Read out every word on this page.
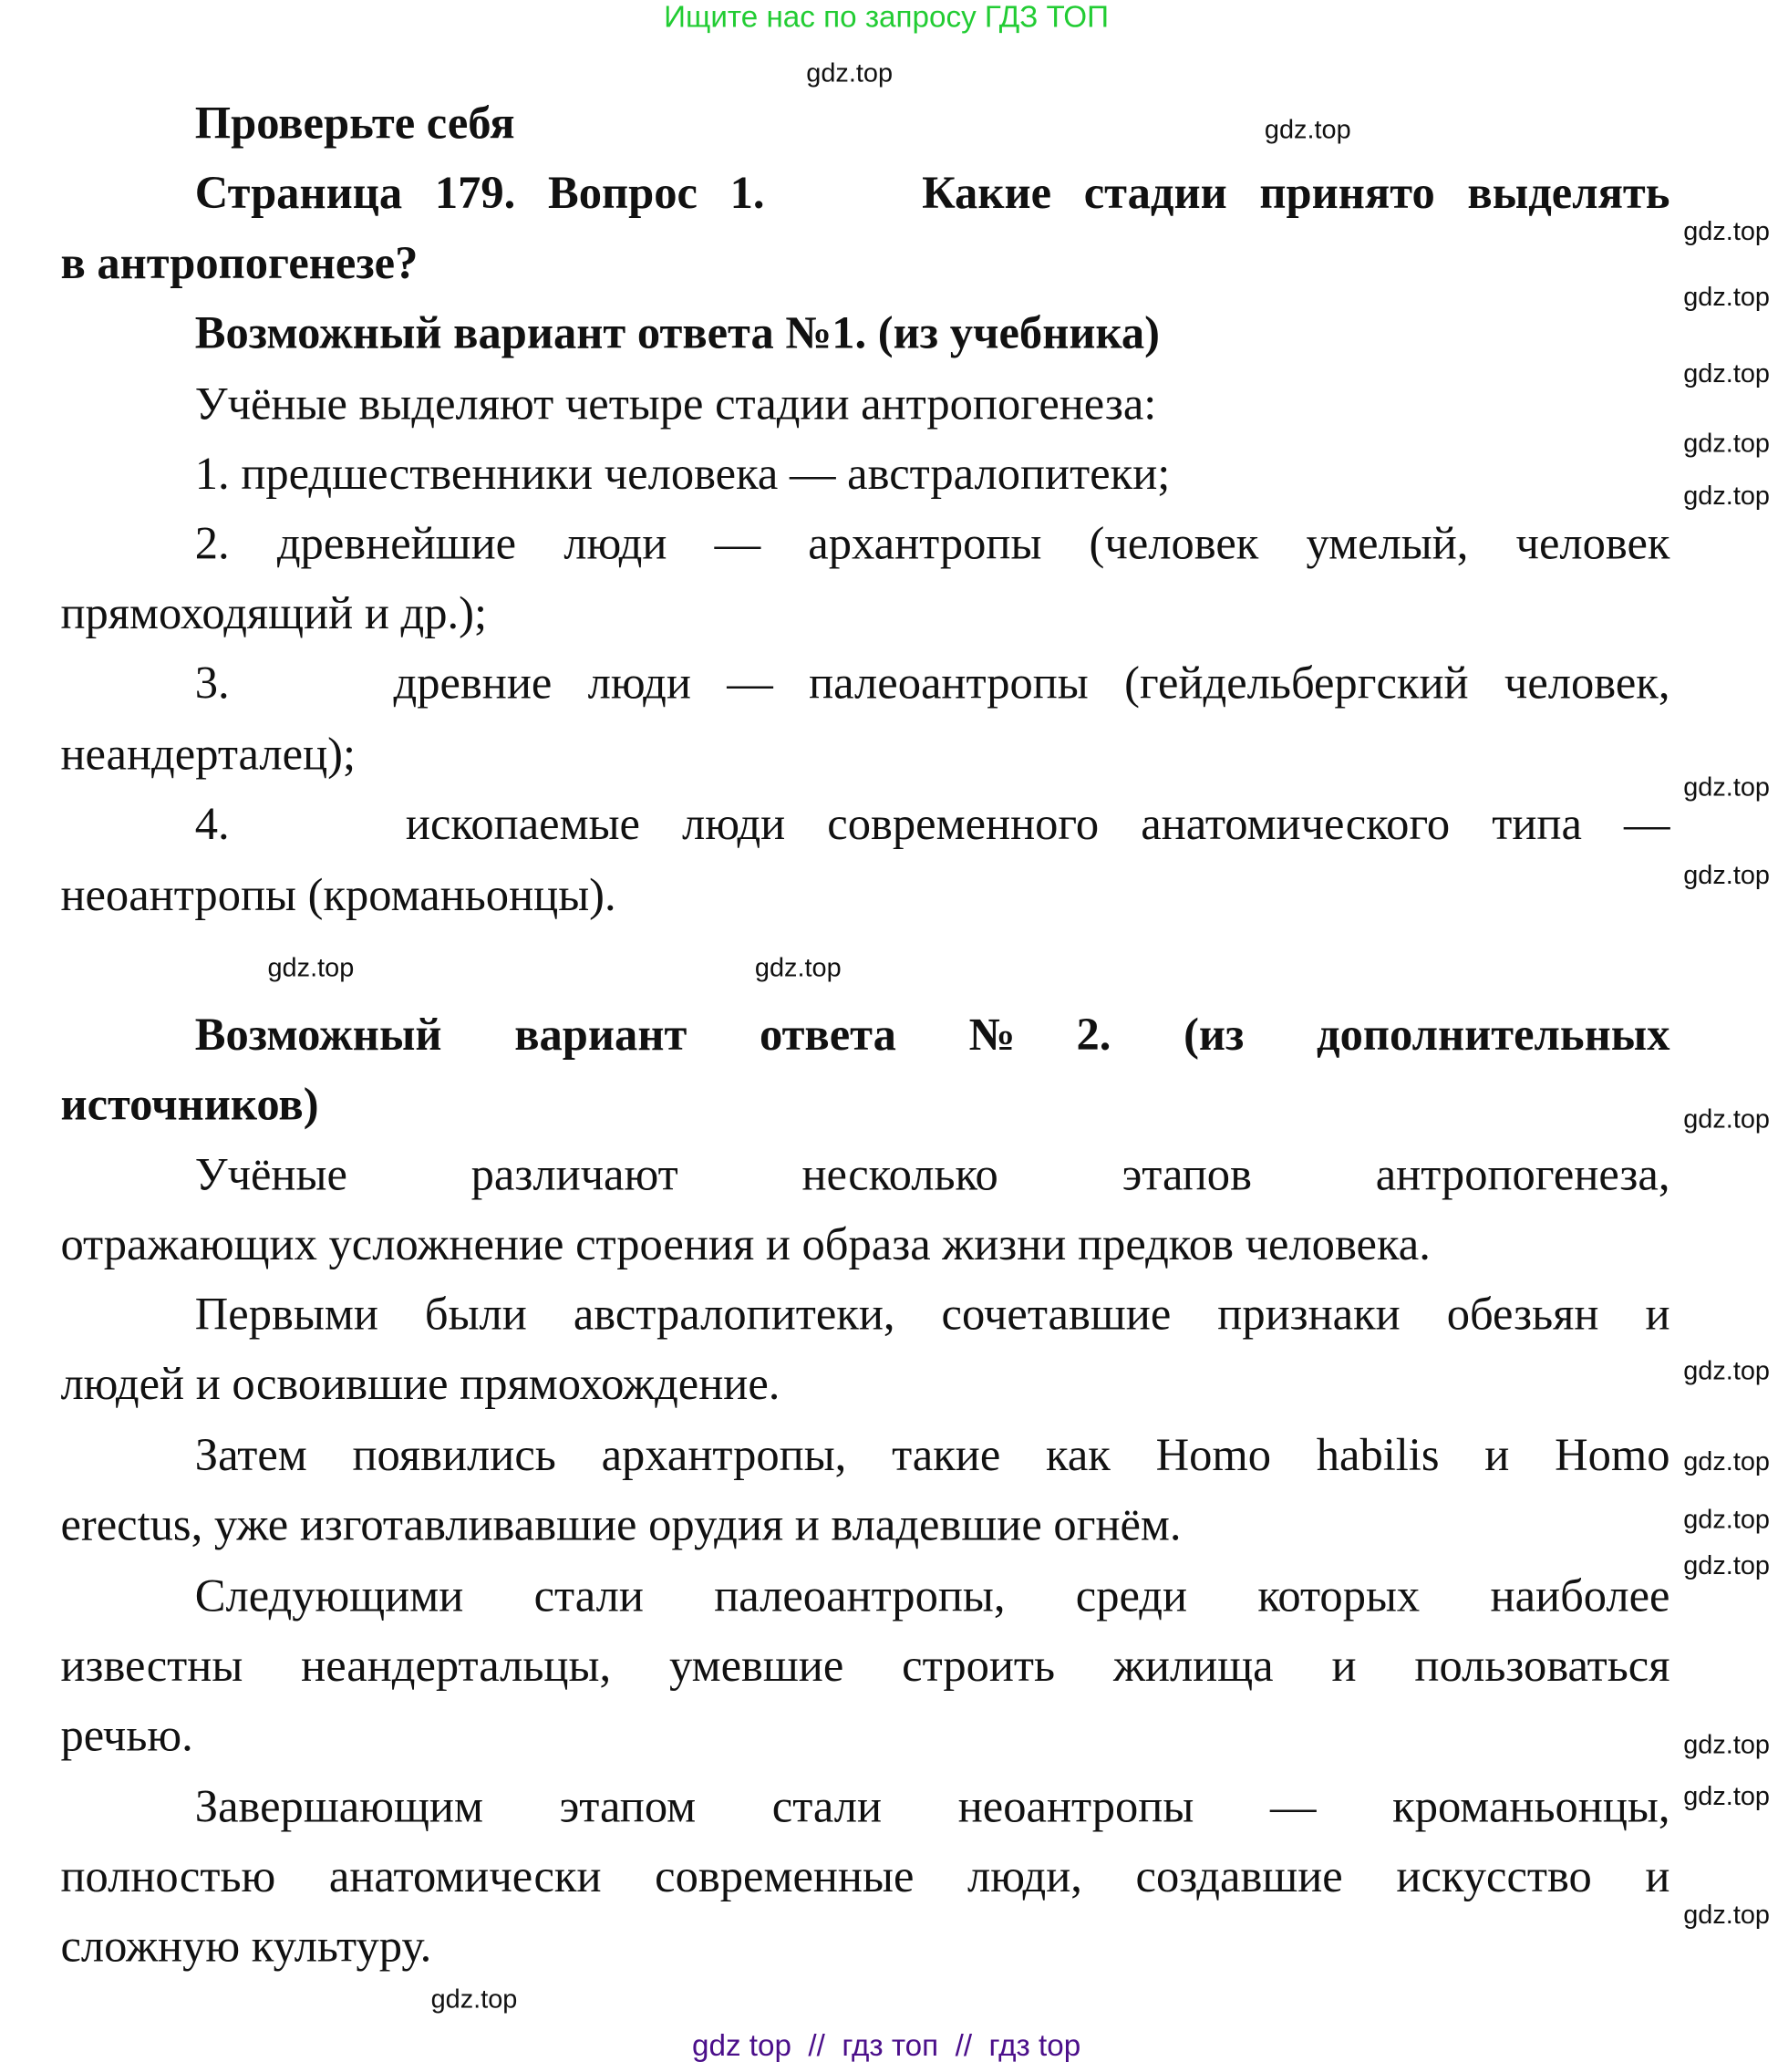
Ищите нас по запросу ГДЗ ТОП
gdz top  //  гдз топ  //  гдз top
Проверьте себя
Страница 179. Вопрос 1.    Какие стадии принято выделять
в антропогенезе?
Возможный вариант ответа №1. (из учебника)
Учёные выделяют четыре стадии антропогенеза:
1. предшественники человека — австралопитеки;
2. древнейшие люди — архантропы (человек умелый, человек
прямоходящий и др.);
3.    древние люди — палеоантропы (гейдельбергский человек,
неандерталец);
4.    ископаемые люди современного анатомического типа —
неоантропы (кроманьонцы).
Возможный вариант ответа №2. (из дополнительных
источников)
Учёные различают несколько этапов антропогенеза,
отражающих усложнение строения и образа жизни предков человека.
Первыми были австралопитеки, сочетавшие признаки обезьян и
людей и освоившие прямохождение.
Затем появились архантропы, такие как Homo habilis и Homo
erectus, уже изготавливавшие орудия и владевшие огнём.
Следующими стали палеоантропы, среди которых наиболее
известны неандертальцы, умевшие строить жилища и пользоваться
речью.
Завершающим этапом стали неоантропы — кроманьонцы,
полностью анатомически современные люди, создавшие искусство и
сложную культуру.
gdz.top
gdz.top
gdz.top
gdz.top
gdz.top
gdz.top
gdz.top
gdz.top
gdz.top
gdz.top
gdz.top
gdz.top
gdz.top
gdz.top
gdz.top
gdz.top
gdz.top
gdz.top
gdz.top
gdz.top
